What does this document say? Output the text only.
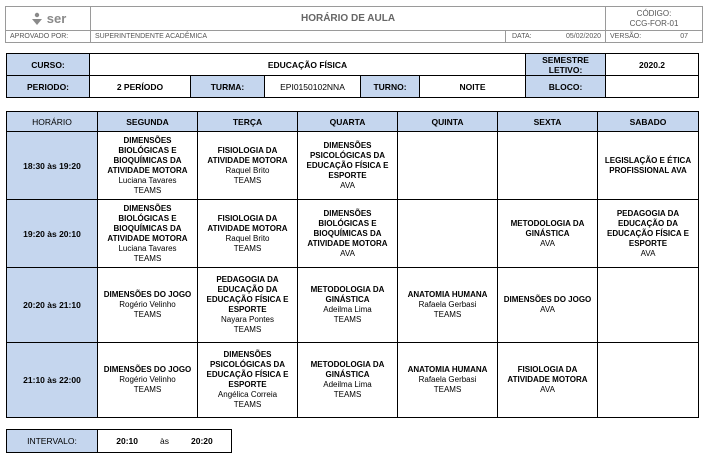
ser	HORÁRIO DE AULA		CÓDIGO:
CCG-FOR-01

APROVADO POR:	SUPERINTENDENTE ACADÊMICA	DATA: 05/02/2020	VERSÃO: 07
CURSO:	EDUCAÇÃO FÍSICA					SEMESTRE LETIVO:	2020.2
PERIODO:	2 PERÍODO	TURMA:	EPI0150102NNA	TURNO:	NOITE	BLOCO:	
HORÁRIO	SEGUNDA	TERÇA	QUARTA	QUINTA	SEXTA	SABADO
18:30 às 19:20	DIMENSÕES BIOLÓGICAS E BIOQUÍMICAS DA ATIVIDADE MOTORA
Luciana Tavares
TEAMS	FISIOLOGIA DA ATIVIDADE MOTORA
Raquel Brito
TEAMS	DIMENSÕES PSICOLÓGICAS DA EDUCAÇÃO FÍSICA E ESPORTE
AVA			LEGISLAÇÃO E ÉTICA PROFISSIONAL AVA

19:20 às 20:10	DIMENSÕES BIOLÓGICAS E BIOQUÍMICAS DA ATIVIDADE MOTORA
Luciana Tavares
TEAMS	FISIOLOGIA DA ATIVIDADE MOTORA
Raquel Brito
TEAMS	DIMENSÕES BIOLÓGICAS E BIOQUÍMICAS DA ATIVIDADE MOTORA
AVA		METODOLOGIA DA GINÁSTICA
AVA	PEDAGOGIA DA EDUCAÇÃO DA EDUCAÇÃO FÍSICA E ESPORTE
AVA

20:20 às 21:10	DIMENSÕES DO JOGO
Rogério Velinho
TEAMS	PEDAGOGIA DA EDUCAÇÃO DA EDUCAÇÃO FÍSICA E ESPORTE
Nayara Pontes
TEAMS	METODOLOGIA DA GINÁSTICA
Adeilma Lima
TEAMS	ANATOMIA HUMANA
Rafaela Gerbasi
TEAMS	DIMENSÕES DO JOGO
AVA	

21:10 às 22:00	DIMENSÕES DO JOGO
Rogério Velinho
TEAMS	DIMENSÕES PSICOLÓGICAS DA EDUCAÇÃO FÍSICA E ESPORTE
Angélica Correia
TEAMS	METODOLOGIA DA GINÁSTICA
Adeilma Lima
TEAMS	ANATOMIA HUMANA
Rafaela Gerbasi
TEAMS	FISIOLOGIA DA ATIVIDADE MOTORA
AVA	

INTERVALO:	20:10	às	20:20
